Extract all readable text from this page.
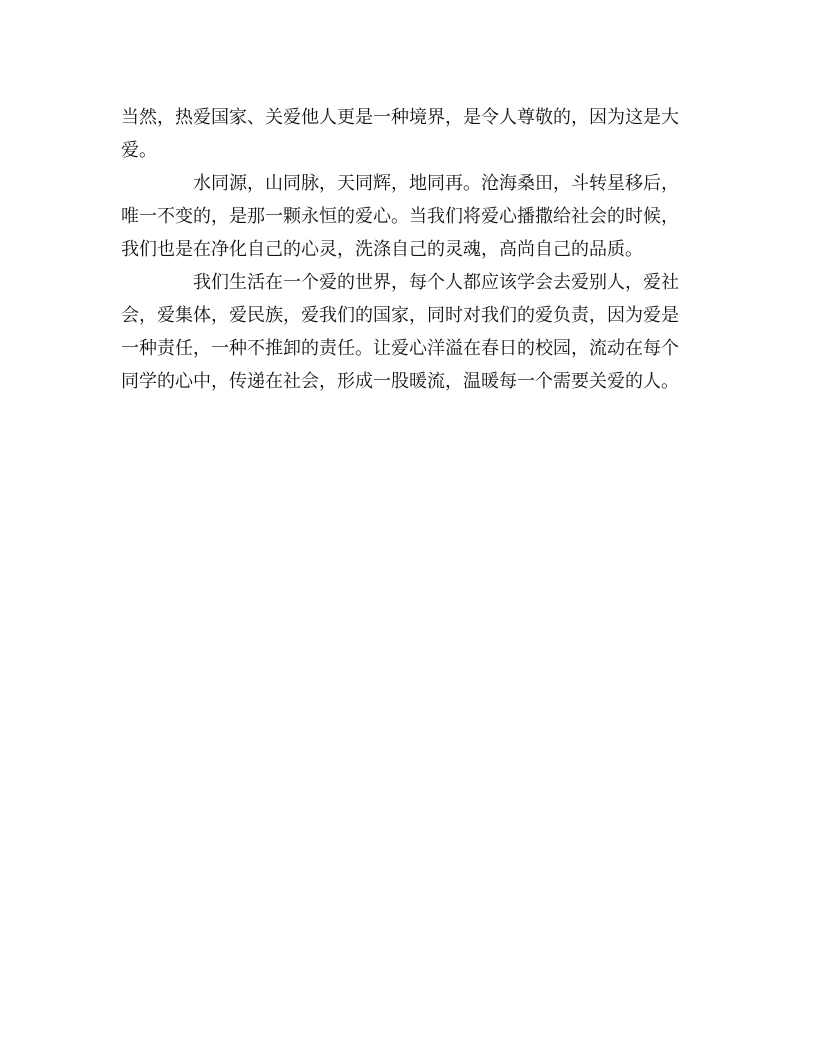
当然，热爱国家、关爱他人更是一种境界，是令人尊敬的，因为这是大
爱。
水同源，山同脉，天同辉，地同再。沧海桑田，斗转星移后，
唯一不变的，是那一颗永恒的爱心。当我们将爱心播撒给社会的时候，
我们也是在净化自己的心灵，洗涤自己的灵魂，高尚自己的品质。
我们生活在一个爱的世界，每个人都应该学会去爱别人，爱社
会，爱集体，爱民族，爱我们的国家，同时对我们的爱负责，因为爱是
一种责任，一种不推卸的责任。让爱心洋溢在春日的校园，流动在每个
同学的心中，传递在社会，形成一股暖流，温暖每一个需要关爱的人。
